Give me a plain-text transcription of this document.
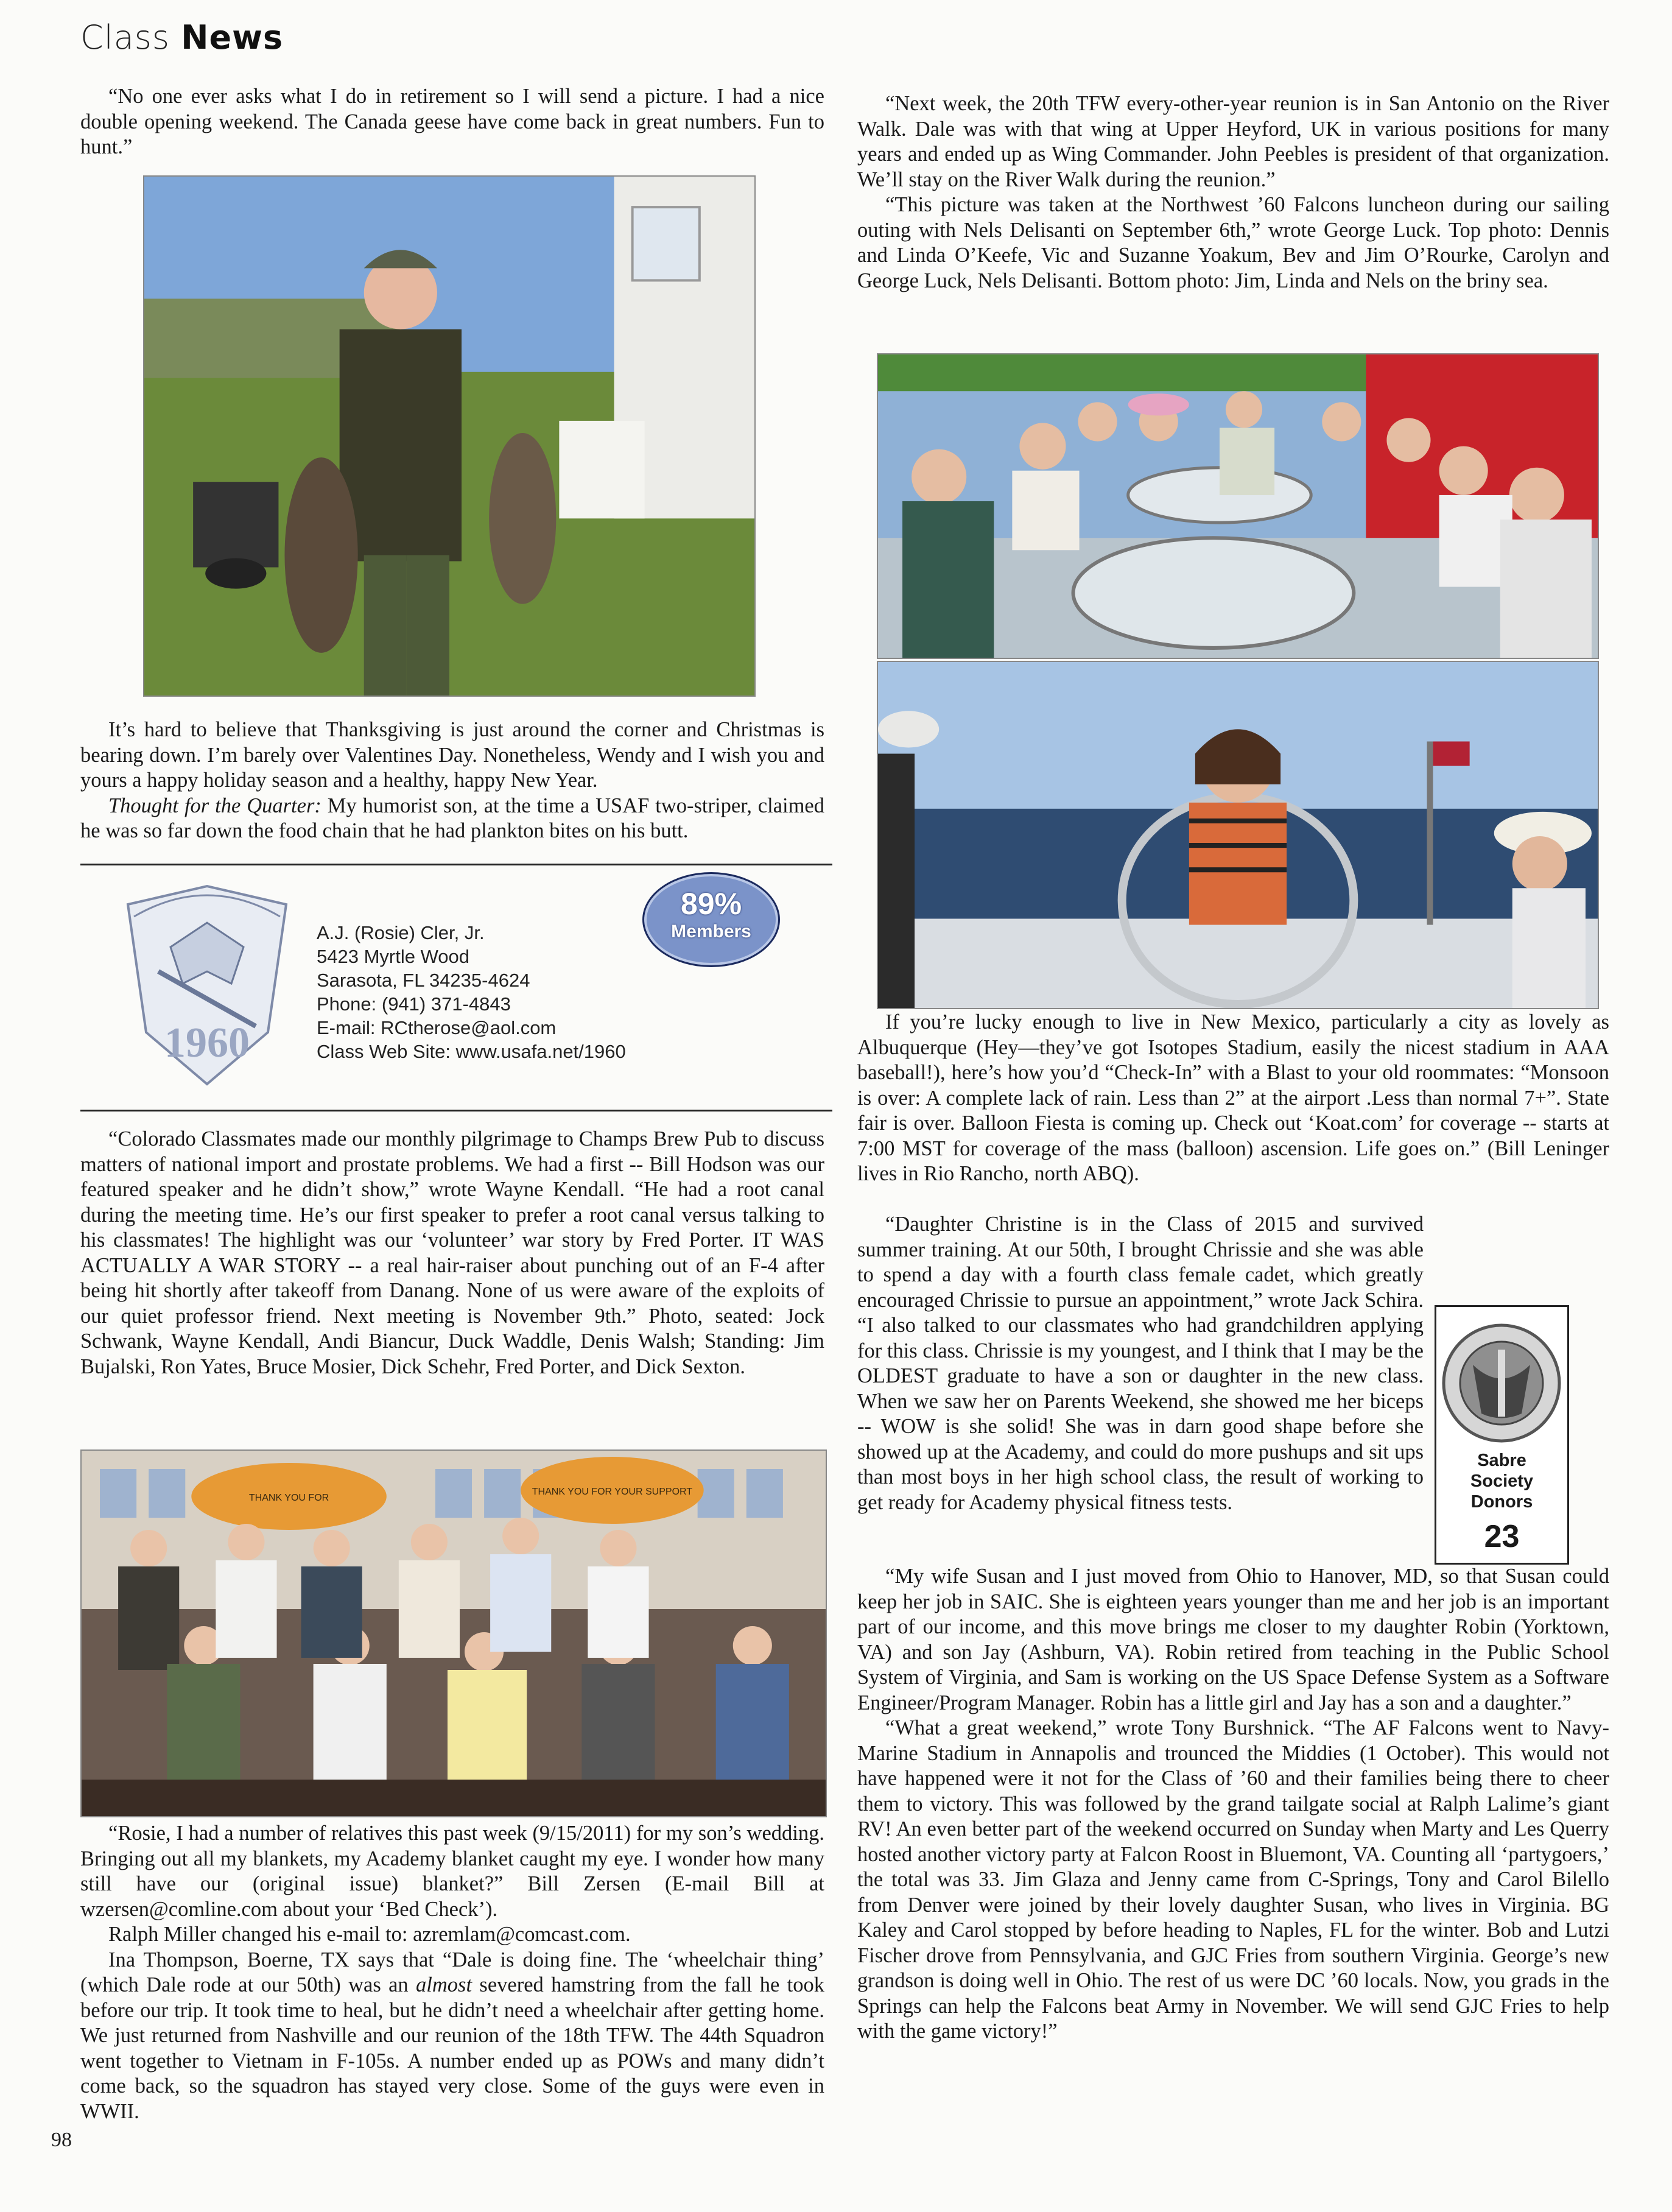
Class News

“No one ever asks what I do in retirement so I will send a picture. I had a nice double opening weekend. The Canada geese have come back in great numbers. Fun to hunt.”

It’s hard to believe that Thanksgiving is just around the corner and Christmas is bearing down. I’m barely over Valentines Day. Nonetheless, Wendy and I wish you and yours a happy holiday season and a healthy, happy New Year.

Thought for the Quarter: My humorist son, at the time a USAF two-striper, claimed he was so far down the food chain that he had plankton bites on his butt.

1960
89%
Members
A.J. (Rosie) Cler, Jr.
5423 Myrtle Wood
Sarasota, FL 34235-4624
Phone: (941) 371-4843
E-mail: RCtherose@aol.com
Class Web Site: www.usafa.net/1960

“Colorado Classmates made our monthly pilgrimage to Champs Brew Pub to discuss matters of national import and prostate problems. We had a first -- Bill Hodson was our featured speaker and he didn’t show,” wrote Wayne Kendall. “He had a root canal during the meeting time. He’s our first speaker to prefer a root canal versus talking to his classmates! The highlight was our ‘volunteer’ war story by Fred Porter. IT WAS ACTUALLY A WAR STORY -- a real hair-raiser about punching out of an F-4 after being hit shortly after takeoff from Danang. None of us were aware of the exploits of our quiet professor friend. Next meeting is November 9th.” Photo, seated: Jock Schwank, Wayne Kendall, Andi Biancur, Duck Waddle, Denis Walsh; Standing: Jim Bujalski, Ron Yates, Bruce Mosier, Dick Schehr, Fred Porter, and Dick Sexton.

THANK YOU FOR
THANK YOU FOR YOUR SUPPORT

“Rosie, I had a number of relatives this past week (9/15/2011) for my son’s wedding. Bringing out all my blankets, my Academy blanket caught my eye. I wonder how many still have our (original issue) blanket?” Bill Zersen (E-mail Bill at wzersen@comline.com about your ‘Bed Check’).

Ralph Miller changed his e-mail to: azremlam@comcast.com.

Ina Thompson, Boerne, TX says that “Dale is doing fine. The ‘wheelchair thing’ (which Dale rode at our 50th) was an almost severed hamstring from the fall he took before our trip. It took time to heal, but he didn’t need a wheelchair after getting home. We just returned from Nashville and our reunion of the 18th TFW. The 44th Squadron went together to Vietnam in F-105s. A number ended up as POWs and many didn’t come back, so the squadron has stayed very close. Some of the guys were even in WWII.

98

“Next week, the 20th TFW every-other-year reunion is in San Antonio on the River Walk. Dale was with that wing at Upper Heyford, UK in various positions for many years and ended up as Wing Commander. John Peebles is president of that organization. We’ll stay on the River Walk during the reunion.”

“This picture was taken at the Northwest ’60 Falcons luncheon during our sailing outing with Nels Delisanti on September 6th,” wrote George Luck. Top photo: Dennis and Linda O’Keefe, Vic and Suzanne Yoakum, Bev and Jim O’Rourke, Carolyn and George Luck, Nels Delisanti. Bottom photo: Jim, Linda and Nels on the briny sea.

If you’re lucky enough to live in New Mexico, particularly a city as lovely as Albuquerque (Hey—they’ve got Isotopes Stadium, easily the nicest stadium in AAA baseball!), here’s how you’d “Check-In” with a Blast to your old roommates: “Monsoon is over: A complete lack of rain. Less than 2” at the airport .Less than normal 7+”. State fair is over. Balloon Fiesta is coming up. Check out ‘Koat.com’ for coverage -- starts at 7:00 MST for coverage of the mass (balloon) ascension. Life goes on.” (Bill Leninger lives in Rio Rancho, north ABQ).

“Daughter Christine is in the Class of 2015 and survived summer training. At our 50th, I brought Chrissie and she was able to spend a day with a fourth class female cadet, which greatly encouraged Chrissie to pursue an appointment,” wrote Jack Schira. “I also talked to our classmates who had grandchildren applying for this class. Chrissie is my youngest, and I think that I may be the OLDEST graduate to have a son or daughter in the new class. When we saw her on Parents Weekend, she showed me her biceps -- WOW is she solid! She was in darn good shape before she showed up at the Academy, and could do more pushups and sit ups than most boys in her high school class, the result of working to get ready for Academy physical fitness tests.

Sabre Society Donors
23

“My wife Susan and I just moved from Ohio to Hanover, MD, so that Susan could keep her job in SAIC. She is eighteen years younger than me and her job is an important part of our income, and this move brings me closer to my daughter Robin (Yorktown, VA) and son Jay (Ashburn, VA). Robin retired from teaching in the Public School System of Virginia, and Sam is working on the US Space Defense System as a Software Engineer/Program Manager. Robin has a little girl and Jay has a son and a daughter.”

“What a great weekend,” wrote Tony Burshnick. “The AF Falcons went to Navy-Marine Stadium in Annapolis and trounced the Middies (1 October). This would not have happened were it not for the Class of ’60 and their families being there to cheer them to victory. This was followed by the grand tailgate social at Ralph Lalime’s giant RV! An even better part of the weekend occurred on Sunday when Marty and Les Querry hosted another victory party at Falcon Roost in Bluemont, VA. Counting all ‘partygoers,’ the total was 33. Jim Glaza and Jenny came from C-Springs, Tony and Carol Bilello from Denver were joined by their lovely daughter Susan, who lives in Virginia. BG Kaley and Carol stopped by before heading to Naples, FL for the winter. Bob and Lutzi Fischer drove from Pennsylvania, and GJC Fries from southern Virginia. George’s new grandson is doing well in Ohio. The rest of us were DC ’60 locals. Now, you grads in the Springs can help the Falcons beat Army in November. We will send GJC Fries to help with the game victory!”
